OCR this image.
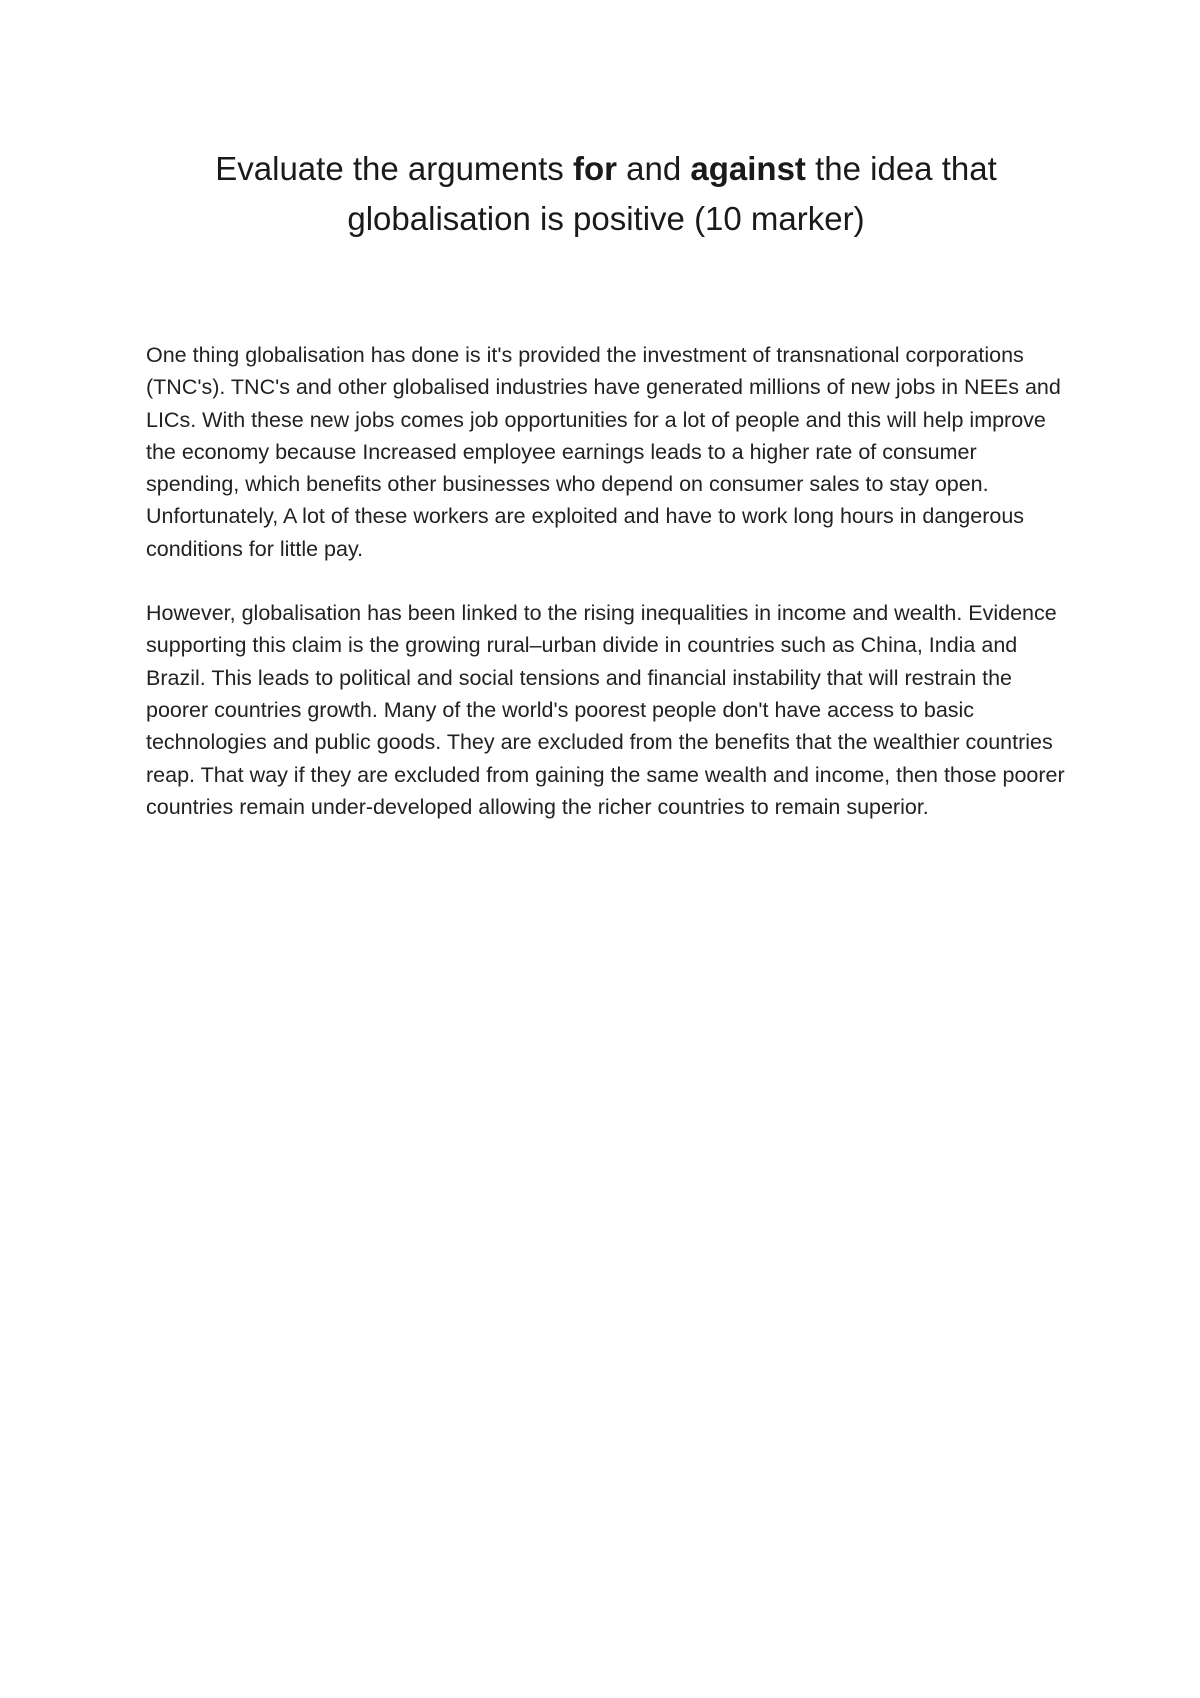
Evaluate the arguments for and against the idea that
globalisation is positive (10 marker)

One thing globalisation has done is it's provided the investment of transnational corporations (TNC's). TNC's and other globalised industries have generated millions of new jobs in NEEs and LICs. With these new jobs comes job opportunities for a lot of people and this will help improve the economy because Increased employee earnings leads to a higher rate of consumer spending, which benefits other businesses who depend on consumer sales to stay open. Unfortunately, A lot of these workers are exploited and have to work long hours in dangerous conditions for little pay.

However, globalisation has been linked to the rising inequalities in income and wealth. Evidence supporting this claim is the growing rural–urban divide in countries such as China, India and Brazil. This leads to political and social tensions and financial instability that will restrain the poorer countries growth. Many of the world's poorest people don't have access to basic technologies and public goods. They are excluded from the benefits that the wealthier countries reap. That way if they are excluded from gaining the same wealth and income, then those poorer countries remain under-developed allowing the richer countries to remain superior.
